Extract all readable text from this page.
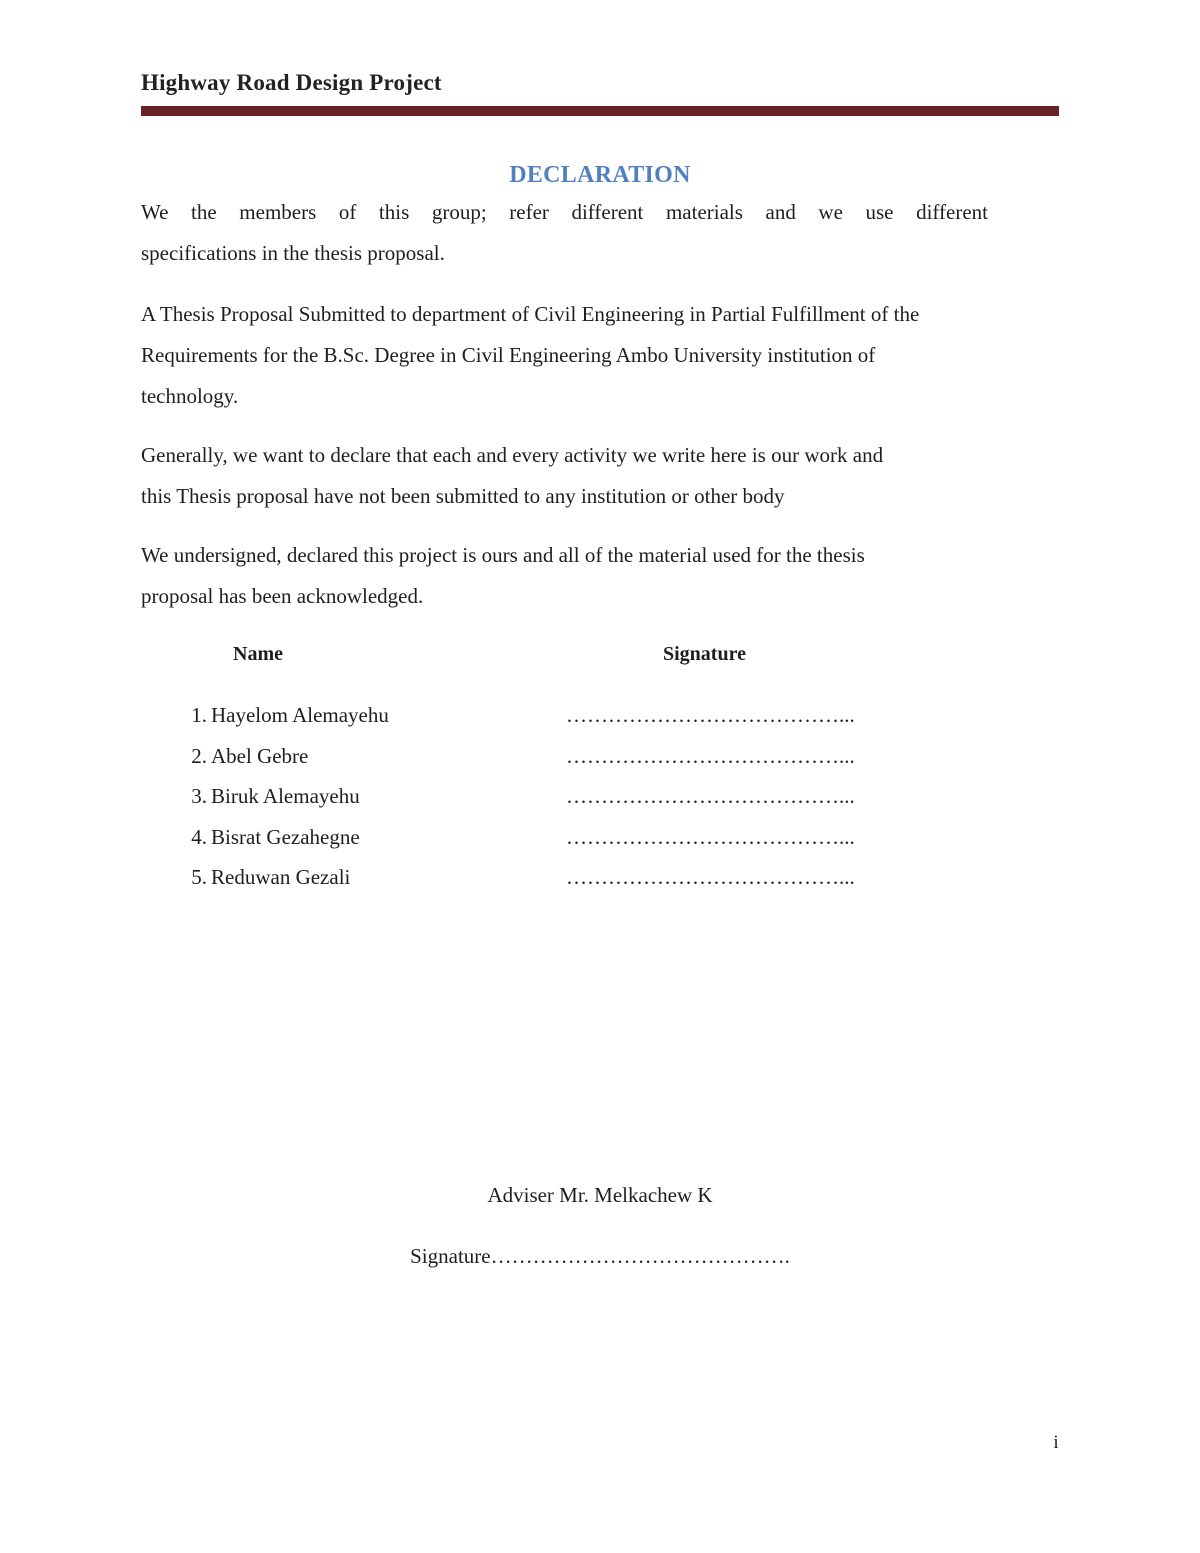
Highway Road Design Project
DECLARATION
We the members of this group; refer different materials and we use different
specifications in the thesis proposal.
A Thesis Proposal Submitted to department of Civil Engineering in Partial Fulfillment of the
Requirements for the B.Sc. Degree in Civil Engineering Ambo University institution of
technology.
Generally, we want to declare that each and every activity we write here is our work and
this Thesis proposal have not been submitted to any institution or other body
We undersigned, declared this project is ours and all of the material used for the thesis
proposal has been acknowledged.
Name	Signature
1. Hayelom Alemayehu	…………………………………...
2. Abel Gebre	…………………………………...
3. Biruk Alemayehu	…………………………………...
4. Bisrat Gezahegne	…………………………………...
5. Reduwan Gezali	…………………………………...
Adviser Mr. Melkachew K
Signature…………………………………….
i
